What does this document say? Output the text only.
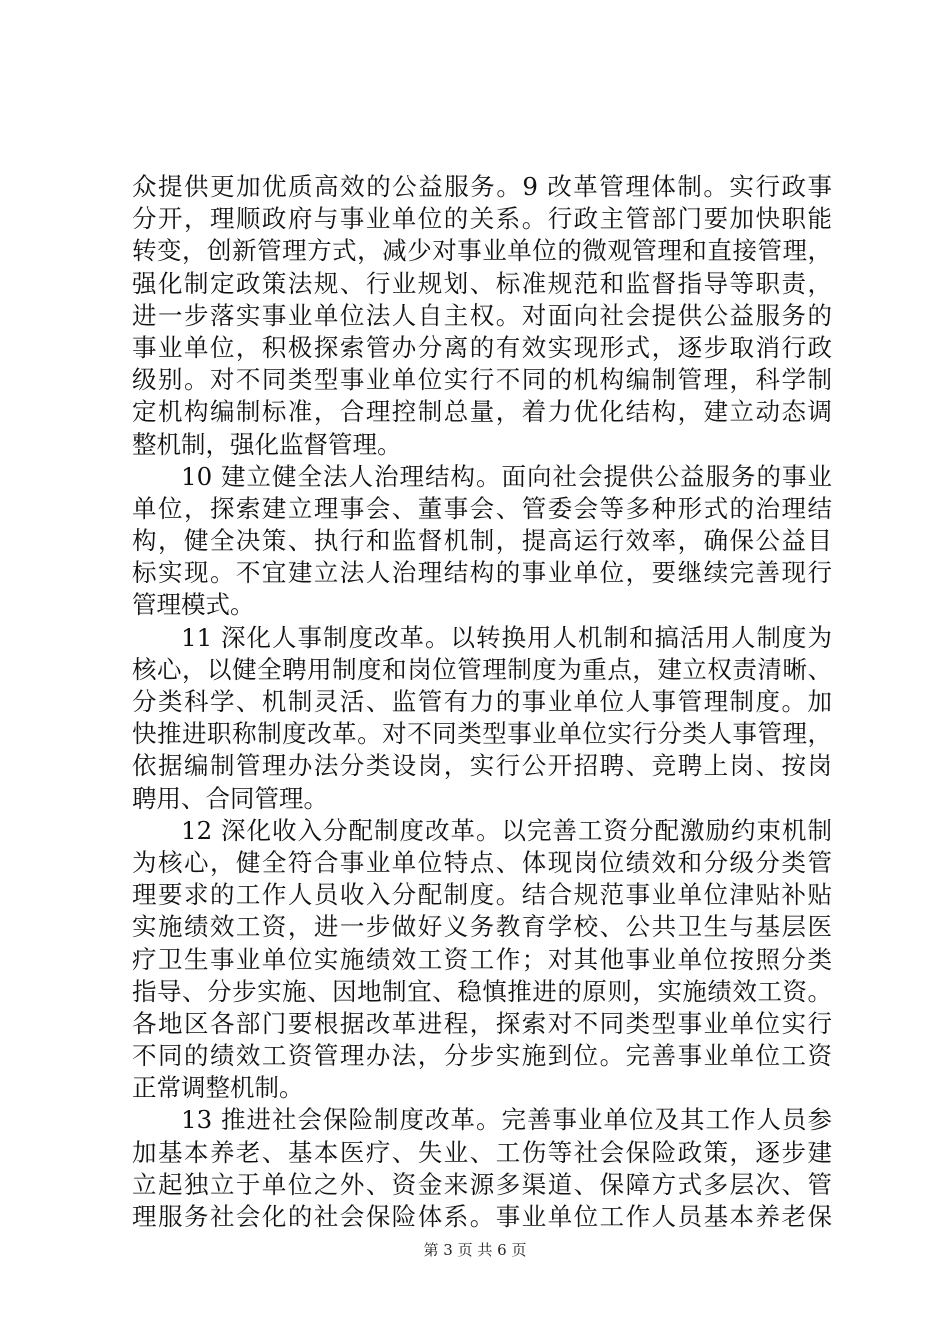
众提供更加优质高效的公益服务。9 改革管理体制。实行政事
分开，理顺政府与事业单位的关系。行政主管部门要加快职能
转变，创新管理方式，减少对事业单位的微观管理和直接管理，
强化制定政策法规、行业规划、标准规范和监督指导等职责，
进一步落实事业单位法人自主权。对面向社会提供公益服务的
事业单位，积极探索管办分离的有效实现形式，逐步取消行政
级别。对不同类型事业单位实行不同的机构编制管理，科学制
定机构编制标准，合理控制总量，着力优化结构，建立动态调
整机制，强化监督管理。
10 建立健全法人治理结构。面向社会提供公益服务的事业
单位，探索建立理事会、董事会、管委会等多种形式的治理结
构，健全决策、执行和监督机制，提高运行效率，确保公益目
标实现。不宜建立法人治理结构的事业单位，要继续完善现行
管理模式。
11 深化人事制度改革。以转换用人机制和搞活用人制度为
核心，以健全聘用制度和岗位管理制度为重点，建立权责清晰、
分类科学、机制灵活、监管有力的事业单位人事管理制度。加
快推进职称制度改革。对不同类型事业单位实行分类人事管理，
依据编制管理办法分类设岗，实行公开招聘、竞聘上岗、按岗
聘用、合同管理。
12 深化收入分配制度改革。以完善工资分配激励约束机制
为核心，健全符合事业单位特点、体现岗位绩效和分级分类管
理要求的工作人员收入分配制度。结合规范事业单位津贴补贴
实施绩效工资，进一步做好义务教育学校、公共卫生与基层医
疗卫生事业单位实施绩效工资工作；对其他事业单位按照分类
指导、分步实施、因地制宜、稳慎推进的原则，实施绩效工资。
各地区各部门要根据改革进程，探索对不同类型事业单位实行
不同的绩效工资管理办法，分步实施到位。完善事业单位工资
正常调整机制。
13 推进社会保险制度改革。完善事业单位及其工作人员参
加基本养老、基本医疗、失业、工伤等社会保险政策，逐步建
立起独立于单位之外、资金来源多渠道、保障方式多层次、管
理服务社会化的社会保险体系。事业单位工作人员基本养老保
第 3 页 共 6 页
